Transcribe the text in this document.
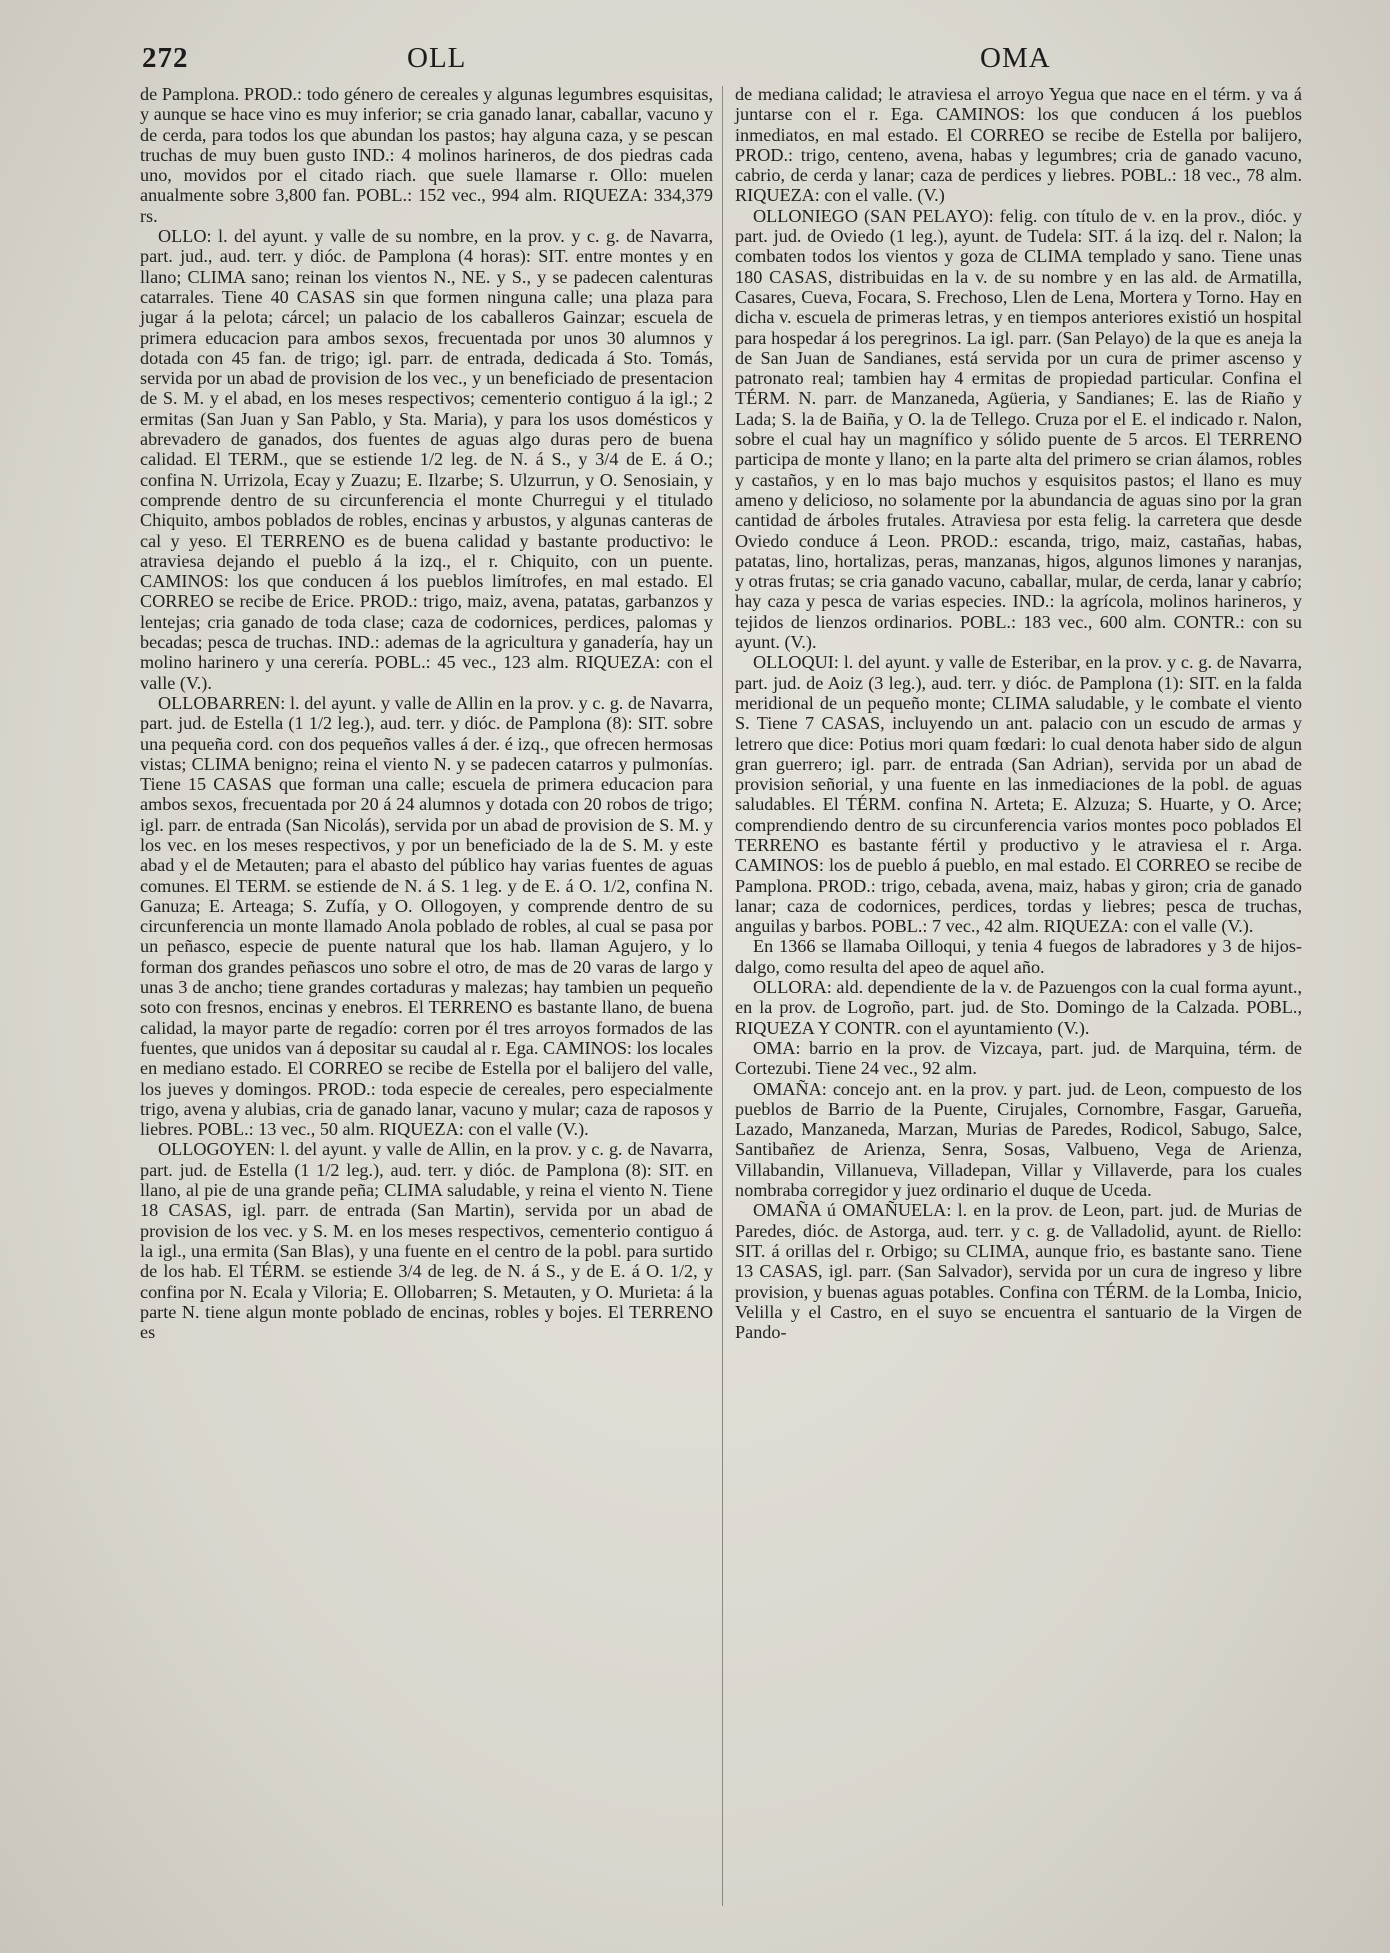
272	OLL	OMA

de Pamplona. PROD.: todo género de cereales y algunas legumbres esquisitas, y aunque se hace vino es muy inferior; se cria ganado lanar, caballar, vacuno y de cerda, para todos los que abundan los pastos; hay alguna caza, y se pescan truchas de muy buen gusto IND.: 4 molinos harineros, de dos piedras cada uno, movidos por el citado riach. que suele llamarse r. Ollo: muelen anualmente sobre 3,800 fan. POBL.: 152 vec., 994 alm. RIQUEZA: 334,379 rs.

OLLO: l. del ayunt. y valle de su nombre, en la prov. y c. g. de Navarra, part. jud., aud. terr. y dióc. de Pamplona (4 horas): SIT. entre montes y en llano; CLIMA sano; reinan los vientos N., NE. y S., y se padecen calenturas catarrales. Tiene 40 CASAS sin que formen ninguna calle; una plaza para jugar á la pelota; cárcel; un palacio de los caballeros Gainzar; escuela de primera educacion para ambos sexos, frecuentada por unos 30 alumnos y dotada con 45 fan. de trigo; igl. parr. de entrada, dedicada á Sto. Tomás, servida por un abad de provision de los vec., y un beneficiado de presentacion de S. M. y el abad, en los meses respectivos; cementerio contiguo á la igl.; 2 ermitas (San Juan y San Pablo, y Sta. Maria), y para los usos domésticos y abrevadero de ganados, dos fuentes de aguas algo duras pero de buena calidad. El TERM., que se estiende 1/2 leg. de N. á S., y 3/4 de E. á O.; confina N. Urrizola, Ecay y Zuazu; E. Ilzarbe; S. Ulzurrun, y O. Senosiain, y comprende dentro de su circunferencia el monte Churregui y el titulado Chiquito, ambos poblados de robles, encinas y arbustos, y algunas canteras de cal y yeso. El TERRENO es de buena calidad y bastante productivo: le atraviesa dejando el pueblo á la izq., el r. Chiquito, con un puente. CAMINOS: los que conducen á los pueblos limítrofes, en mal estado. El CORREO se recibe de Erice. PROD.: trigo, maiz, avena, patatas, garbanzos y lentejas; cria ganado de toda clase; caza de codornices, perdices, palomas y becadas; pesca de truchas. IND.: ademas de la agricultura y ganadería, hay un molino harinero y una cerería. POBL.: 45 vec., 123 alm. RIQUEZA: con el valle (V.).

OLLOBARREN: l. del ayunt. y valle de Allin en la prov. y c. g. de Navarra, part. jud. de Estella (1 1/2 leg.), aud. terr. y dióc. de Pamplona (8): SIT. sobre una pequeña cord. con dos pequeños valles á der. é izq., que ofrecen hermosas vistas; CLIMA benigno; reina el viento N. y se padecen catarros y pulmonías. Tiene 15 CASAS que forman una calle; escuela de primera educacion para ambos sexos, frecuentada por 20 á 24 alumnos y dotada con 20 robos de trigo; igl. parr. de entrada (San Nicolás), servida por un abad de provision de S. M. y los vec. en los meses respectivos, y por un beneficiado de la de S. M. y este abad y el de Metauten; para el abasto del público hay varias fuentes de aguas comunes. El TERM. se estiende de N. á S. 1 leg. y de E. á O. 1/2, confina N. Ganuza; E. Arteaga; S. Zufía, y O. Ollogoyen, y comprende dentro de su circunferencia un monte llamado Anola poblado de robles, al cual se pasa por un peñasco, especie de puente natural que los hab. llaman Agujero, y lo forman dos grandes peñascos uno sobre el otro, de mas de 20 varas de largo y unas 3 de ancho; tiene grandes cortaduras y malezas; hay tambien un pequeño soto con fresnos, encinas y enebros. El TERRENO es bastante llano, de buena calidad, la mayor parte de regadío: corren por él tres arroyos formados de las fuentes, que unidos van á depositar su caudal al r. Ega. CAMINOS: los locales en mediano estado. El CORREO se recibe de Estella por el balijero del valle, los jueves y domingos. PROD.: toda especie de cereales, pero especialmente trigo, avena y alubias, cria de ganado lanar, vacuno y mular; caza de raposos y liebres. POBL.: 13 vec., 50 alm. RIQUEZA: con el valle (V.).

OLLOGOYEN: l. del ayunt. y valle de Allin, en la prov. y c. g. de Navarra, part. jud. de Estella (1 1/2 leg.), aud. terr. y dióc. de Pamplona (8): SIT. en llano, al pie de una grande peña; CLIMA saludable, y reina el viento N. Tiene 18 CASAS, igl. parr. de entrada (San Martin), servida por un abad de provision de los vec. y S. M. en los meses respectivos, cementerio contiguo á la igl., una ermita (San Blas), y una fuente en el centro de la pobl. para surtido de los hab. El TÉRM. se estiende 3/4 de leg. de N. á S., y de E. á O. 1/2, y confina por N. Ecala y Viloria; E. Ollobarren; S. Metauten, y O. Murieta: á la parte N. tiene algun monte poblado de encinas, robles y bojes. El TERRENO es

de mediana calidad; le atraviesa el arroyo Yegua que nace en el térm. y va á juntarse con el r. Ega. CAMINOS: los que conducen á los pueblos inmediatos, en mal estado. El CORREO se recibe de Estella por balijero, PROD.: trigo, centeno, avena, habas y legumbres; cria de ganado vacuno, cabrio, de cerda y lanar; caza de perdices y liebres. POBL.: 18 vec., 78 alm. RIQUEZA: con el valle. (V.)

OLLONIEGO (SAN PELAYO): felig. con título de v. en la prov., dióc. y part. jud. de Oviedo (1 leg.), ayunt. de Tudela: SIT. á la izq. del r. Nalon; la combaten todos los vientos y goza de CLIMA templado y sano. Tiene unas 180 CASAS, distribuidas en la v. de su nombre y en las ald. de Armatilla, Casares, Cueva, Focara, S. Frechoso, Llen de Lena, Mortera y Torno. Hay en dicha v. escuela de primeras letras, y en tiempos anteriores existió un hospital para hospedar á los peregrinos. La igl. parr. (San Pelayo) de la que es aneja la de San Juan de Sandianes, está servida por un cura de primer ascenso y patronato real; tambien hay 4 ermitas de propiedad particular. Confina el TÉRM. N. parr. de Manzaneda, Agüeria, y Sandianes; E. las de Riaño y Lada; S. la de Baiña, y O. la de Tellego. Cruza por el E. el indicado r. Nalon, sobre el cual hay un magnífico y sólido puente de 5 arcos. El TERRENO participa de monte y llano; en la parte alta del primero se crian álamos, robles y castaños, y en lo mas bajo muchos y esquisitos pastos; el llano es muy ameno y delicioso, no solamente por la abundancia de aguas sino por la gran cantidad de árboles frutales. Atraviesa por esta felig. la carretera que desde Oviedo conduce á Leon. PROD.: escanda, trigo, maiz, castañas, habas, patatas, lino, hortalizas, peras, manzanas, higos, algunos limones y naranjas, y otras frutas; se cria ganado vacuno, caballar, mular, de cerda, lanar y cabrío; hay caza y pesca de varias especies. IND.: la agrícola, molinos harineros, y tejidos de lienzos ordinarios. POBL.: 183 vec., 600 alm. CONTR.: con su ayunt. (V.).

OLLOQUI: l. del ayunt. y valle de Esteribar, en la prov. y c. g. de Navarra, part. jud. de Aoiz (3 leg.), aud. terr. y dióc. de Pamplona (1): SIT. en la falda meridional de un pequeño monte; CLIMA saludable, y le combate el viento S. Tiene 7 CASAS, incluyendo un ant. palacio con un escudo de armas y letrero que dice: Potius mori quam fœdari: lo cual denota haber sido de algun gran guerrero; igl. parr. de entrada (San Adrian), servida por un abad de provision señorial, y una fuente en las inmediaciones de la pobl. de aguas saludables. El TÉRM. confina N. Arteta; E. Alzuza; S. Huarte, y O. Arce; comprendiendo dentro de su circunferencia varios montes poco poblados El TERRENO es bastante fértil y productivo y le atraviesa el r. Arga. CAMINOS: los de pueblo á pueblo, en mal estado. El CORREO se recibe de Pamplona. PROD.: trigo, cebada, avena, maiz, habas y giron; cria de ganado lanar; caza de codornices, perdices, tordas y liebres; pesca de truchas, anguilas y barbos. POBL.: 7 vec., 42 alm. RIQUEZA: con el valle (V.).

En 1366 se llamaba Oilloqui, y tenia 4 fuegos de labradores y 3 de hijos-dalgo, como resulta del apeo de aquel año.

OLLORA: ald. dependiente de la v. de Pazuengos con la cual forma ayunt., en la prov. de Logroño, part. jud. de Sto. Domingo de la Calzada. POBL., RIQUEZA Y CONTR. con el ayuntamiento (V.).

OMA: barrio en la prov. de Vizcaya, part. jud. de Marquina, térm. de Cortezubi. Tiene 24 vec., 92 alm.

OMAÑA: concejo ant. en la prov. y part. jud. de Leon, compuesto de los pueblos de Barrio de la Puente, Cirujales, Cornombre, Fasgar, Garueña, Lazado, Manzaneda, Marzan, Murias de Paredes, Rodicol, Sabugo, Salce, Santibañez de Arienza, Senra, Sosas, Valbueno, Vega de Arienza, Villabandin, Villanueva, Villadepan, Villar y Villaverde, para los cuales nombraba corregidor y juez ordinario el duque de Uceda.

OMAÑA ú OMAÑUELA: l. en la prov. de Leon, part. jud. de Murias de Paredes, dióc. de Astorga, aud. terr. y c. g. de Valladolid, ayunt. de Riello: SIT. á orillas del r. Orbigo; su CLIMA, aunque frio, es bastante sano. Tiene 13 CASAS, igl. parr. (San Salvador), servida por un cura de ingreso y libre provision, y buenas aguas potables. Confina con TÉRM. de la Lomba, Inicio, Velilla y el Castro, en el suyo se encuentra el santuario de la Virgen de Pando-
